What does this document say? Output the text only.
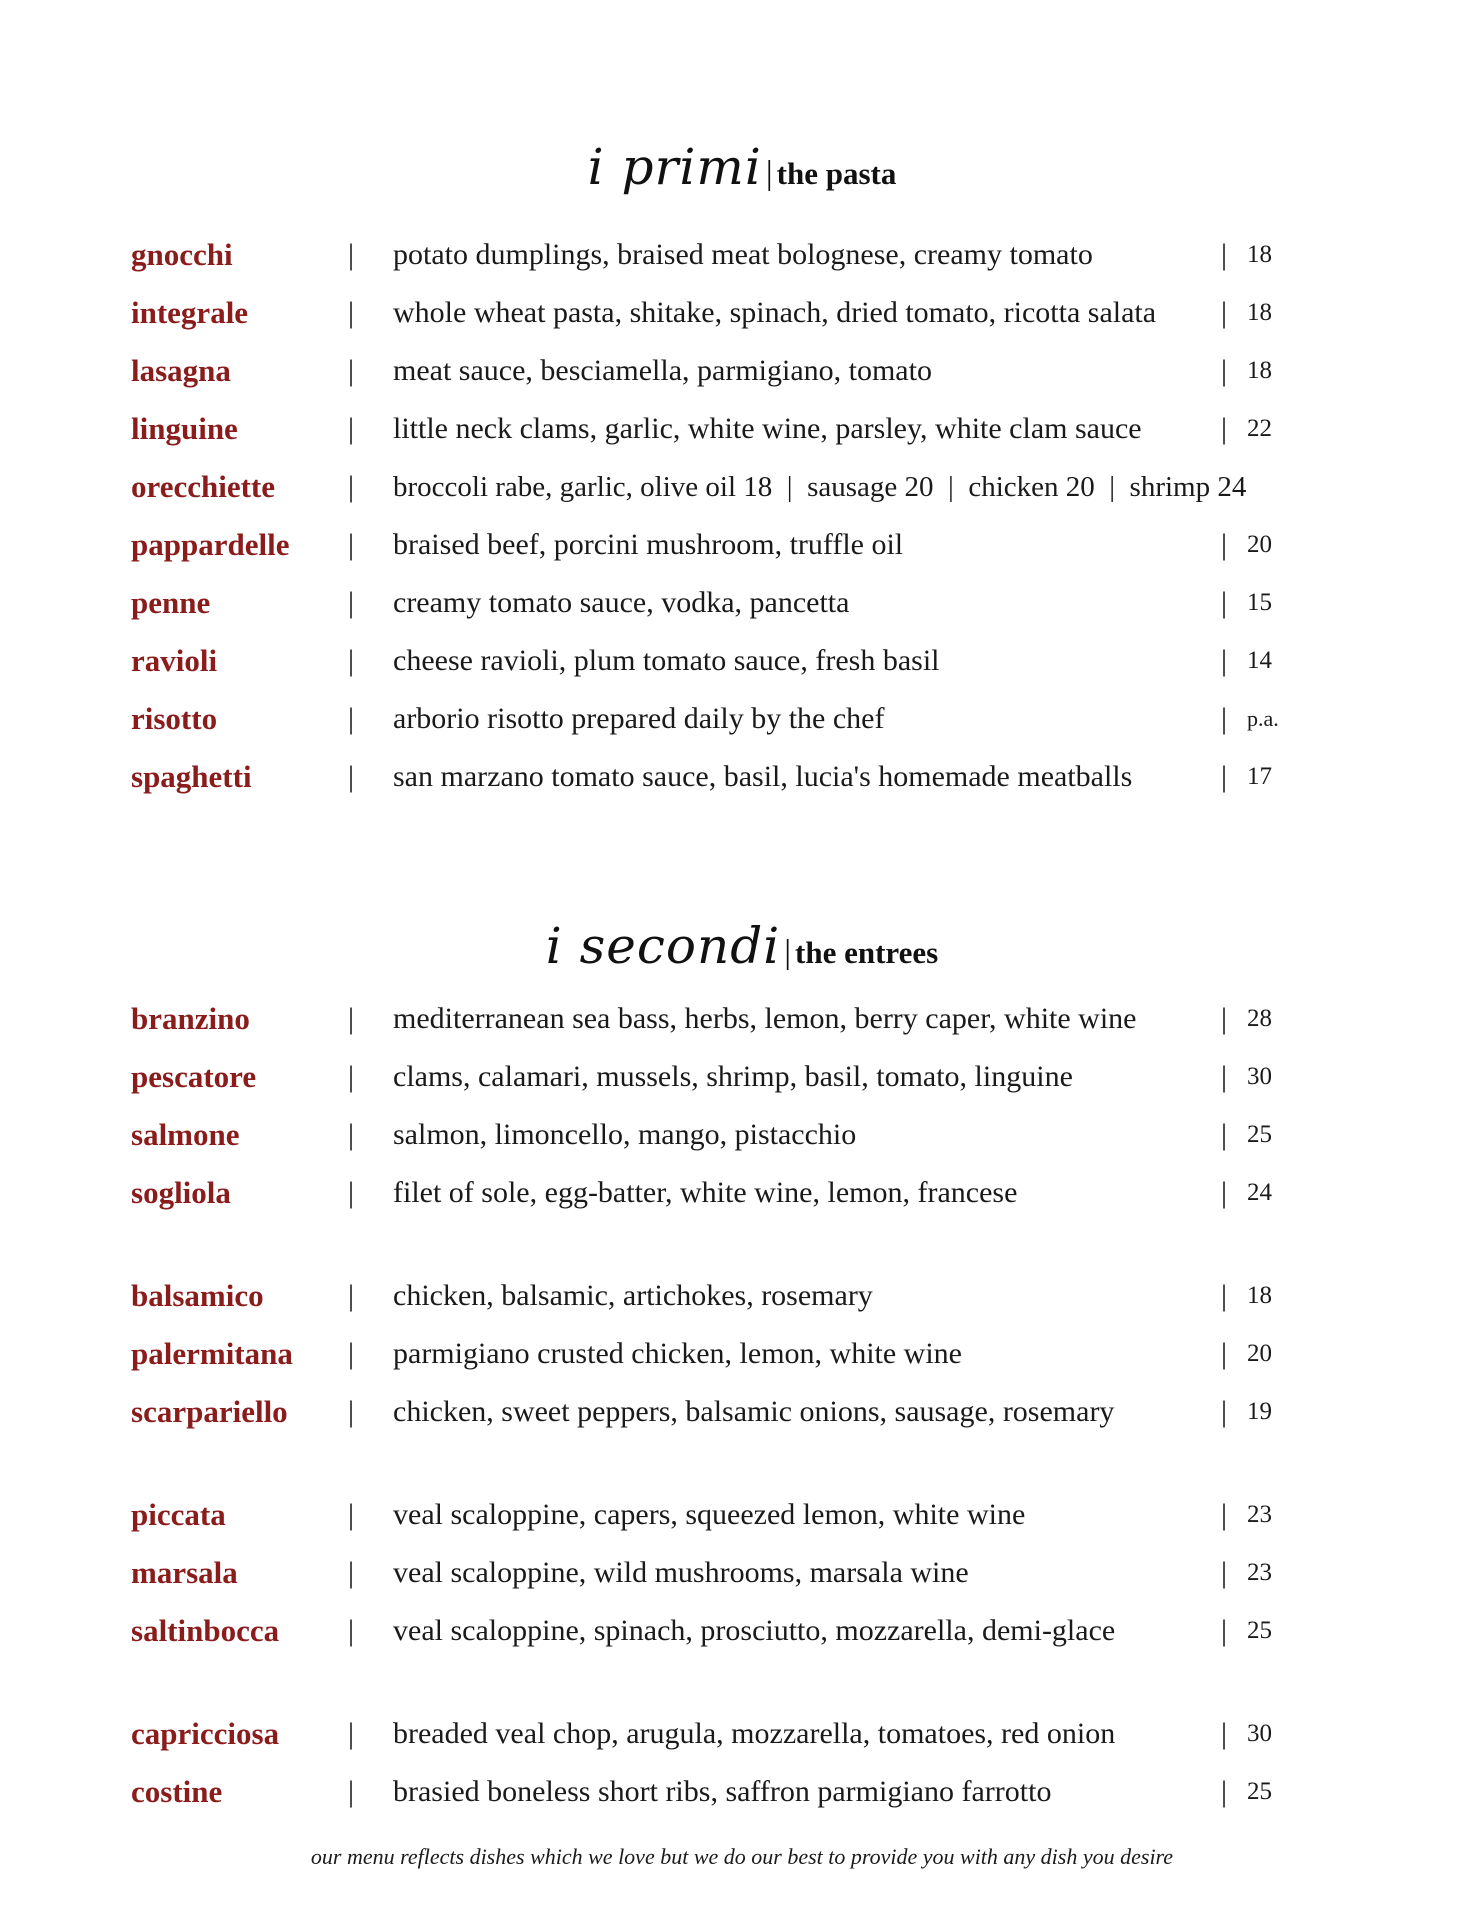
i primi | the pasta
gnocchi	| potato dumplings, braised meat bolognese, creamy tomato	| 18
integrale	| whole wheat pasta, shitake, spinach, dried tomato, ricotta salata | 18
lasagna	| meat sauce, besciamella, parmigiano, tomato	| 18
linguine	| little neck clams, garlic, white wine, parsley, white clam sauce	| 22
orecchiette | broccoli rabe, garlic, olive oil 18  |  sausage 20  |  chicken 20  |  shrimp 24
pappardelle | braised beef, porcini mushroom, truffle oil	| 20
penne	| creamy tomato sauce, vodka, pancetta	| 15
ravioli	| cheese ravioli, plum tomato sauce, fresh basil	| 14
risotto	| arborio risotto prepared daily by the chef	| p.a.
spaghetti	| san marzano tomato sauce, basil, lucia's homemade meatballs	| 17
i secondi | the entrees
branzino	| mediterranean sea bass, herbs, lemon, berry caper, white wine	| 28
pescatore	| clams, calamari, mussels, shrimp, basil, tomato, linguine	| 30
salmone	| salmon, limoncello, mango, pistacchio	| 25
sogliola	| filet of sole, egg-batter, white wine, lemon, francese	| 24
balsamico	| chicken, balsamic, artichokes, rosemary	| 18
palermitana | parmigiano crusted chicken, lemon, white wine	| 20
scarpariello | chicken, sweet peppers, balsamic onions, sausage, rosemary	| 19
piccata	| veal scaloppine, capers, squeezed lemon, white wine	| 23
marsala	| veal scaloppine, wild mushrooms, marsala wine	| 23
saltinbocca | veal scaloppine, spinach, prosciutto, mozzarella, demi-glace	| 25
capricciosa | breaded veal chop, arugula, mozzarella, tomatoes, red onion	| 30
costine	| brasied boneless short ribs, saffron parmigiano farrotto	| 25
our menu reflects dishes which we love but we do our best to provide you with any dish you desire
